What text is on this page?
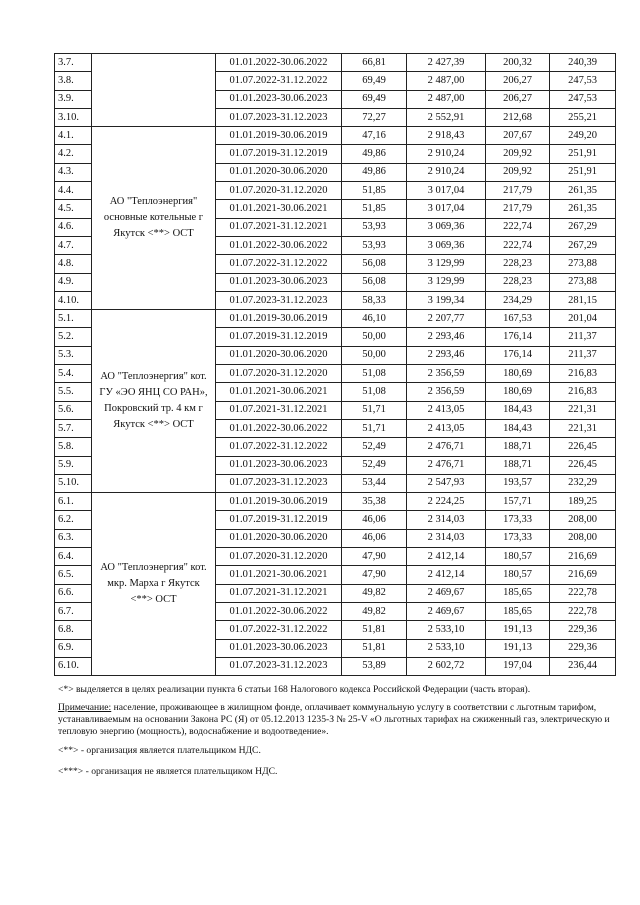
3.7.		01.01.2022-30.06.2022	66,81	2 427,39	200,32	240,39
3.8.		01.07.2022-31.12.2022	69,49	2 487,00	206,27	247,53
3.9.		01.01.2023-30.06.2023	69,49	2 487,00	206,27	247,53
3.10.		01.07.2023-31.12.2023	72,27	2 552,91	212,68	255,21
4.1.	АО "Теплоэнергия" основные котельные г Якутск <**> ОСТ	01.01.2019-30.06.2019	47,16	2 918,43	207,67	249,20
4.2.		01.07.2019-31.12.2019	49,86	2 910,24	209,92	251,91
4.3.		01.01.2020-30.06.2020	49,86	2 910,24	209,92	251,91
4.4.		01.07.2020-31.12.2020	51,85	3 017,04	217,79	261,35
4.5.		01.01.2021-30.06.2021	51,85	3 017,04	217,79	261,35
4.6.		01.07.2021-31.12.2021	53,93	3 069,36	222,74	267,29
4.7.		01.01.2022-30.06.2022	53,93	3 069,36	222,74	267,29
4.8.		01.07.2022-31.12.2022	56,08	3 129,99	228,23	273,88
4.9.		01.01.2023-30.06.2023	56,08	3 129,99	228,23	273,88
4.10.		01.07.2023-31.12.2023	58,33	3 199,34	234,29	281,15
5.1.	АО "Теплоэнергия" кот. ГУ «ЭО ЯНЦ СО РАН», Покровский тр. 4 км г Якутск <**> ОСТ	01.01.2019-30.06.2019	46,10	2 207,77	167,53	201,04
5.2.		01.07.2019-31.12.2019	50,00	2 293,46	176,14	211,37
5.3.		01.01.2020-30.06.2020	50,00	2 293,46	176,14	211,37
5.4.		01.07.2020-31.12.2020	51,08	2 356,59	180,69	216,83
5.5.		01.01.2021-30.06.2021	51,08	2 356,59	180,69	216,83
5.6.		01.07.2021-31.12.2021	51,71	2 413,05	184,43	221,31
5.7.		01.01.2022-30.06.2022	51,71	2 413,05	184,43	221,31
5.8.		01.07.2022-31.12.2022	52,49	2 476,71	188,71	226,45
5.9.		01.01.2023-30.06.2023	52,49	2 476,71	188,71	226,45
5.10.		01.07.2023-31.12.2023	53,44	2 547,93	193,57	232,29
6.1.	АО "Теплоэнергия" кот. мкр. Марха г Якутск <**> ОСТ	01.01.2019-30.06.2019	35,38	2 224,25	157,71	189,25
6.2.		01.07.2019-31.12.2019	46,06	2 314,03	173,33	208,00
6.3.		01.01.2020-30.06.2020	46,06	2 314,03	173,33	208,00
6.4.		01.07.2020-31.12.2020	47,90	2 412,14	180,57	216,69
6.5.		01.01.2021-30.06.2021	47,90	2 412,14	180,57	216,69
6.6.		01.07.2021-31.12.2021	49,82	2 469,67	185,65	222,78
6.7.		01.01.2022-30.06.2022	49,82	2 469,67	185,65	222,78
6.8.		01.07.2022-31.12.2022	51,81	2 533,10	191,13	229,36
6.9.		01.01.2023-30.06.2023	51,81	2 533,10	191,13	229,36
6.10.		01.07.2023-31.12.2023	53,89	2 602,72	197,04	236,44
<*> выделяется в целях реализации пункта 6 статьи 168 Налогового кодекса Российской Федерации (часть вторая).
Примечание: население, проживающее в жилищном фонде, оплачивает коммунальную услугу в соответствии с льготным тарифом, устанавливаемым на основании Закона РС (Я) от 05.12.2013 1235-З № 25-V «О льготных тарифах на сжиженный газ, электрическую и тепловую энергию (мощность), водоснабжение и водоотведение».
<**> - организация является плательщиком НДС.
<***> - организация не является плательщиком НДС.
